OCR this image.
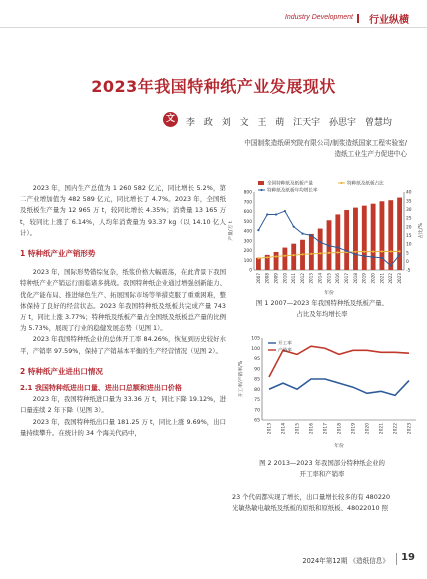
Industry Development 行业纵横
2023年我国特种纸产业发展现状
文	李 政 刘 文 王 萌 江天宇 孙思宇 曾慧均
中国制浆造纸研究院有限公司/制浆造纸国家工程实验室/
造纸工业生产力促进中心

2023 年，国内生产总值为 1 260 582 亿元，同比增长 5.2%，第二产业增加值为 482 589 亿元，同比增长了 4.7%。2023 年，全国纸及纸板生产量为 12 965 万 t，较同比增长 4.35%；消费量 13 165 万 t，较同比上涨了 6.14%，人均年消费量为 93.37 kg（以 14.10 亿人计）。

1 特种纸产业产销形势

2023 年，国际形势错综复杂，纸浆价格大幅震荡，在此背景下我国特种纸产业产销运行面临诸多挑战。我国特种纸企业通过增强创新能力、优化产能布局、推进绿色生产、拓展国际市场等举措克服了重重困难，整体保持了良好的经营状态。2023 年我国特种纸及纸板共完成产量 743 万 t，同比上涨 3.77%；特种纸及纸板产量占全国纸及纸板总产量的比例为 5.73%，展现了行业的稳健发展态势（见图 1）。

2023 年我国特种纸企业的总体开工率 84.26%，恢复到历史较好水平，产销率 97.59%，保持了产销基本平衡的生产经营情况（见图 2）。

2 特种纸产业进出口情况
2.1 我国特种纸进出口量、进出口总额和进出口价格

2023 年，我国特种纸进口量为 33.36 万 t，同比下降 19.12%，进口量连续 2 年下降（见图 3）。

2023 年，我国特种纸出口量 181.25 万 t，同比上涨 9.69%，出口量持续攀升。在统计的 34 个海关代码中，

0
100
200
300
400
500
600
700
800
-5
0
5
10
15
20
25
30
35
40
2007 2008 2009 2010 2011 2012 2013 2014 2015 2016 2017 2018 2019 2020 2021 2022 2023
年份
产量/万 t	占比/%
全国特种纸及纸板产量	特种纸及纸板占比
特种纸及纸板年均增长率
图 1 2007—2023 年我国特种纸及纸板产量、
占比及年均增长率
65
70
75
80
85
90
95
100
105
2013 2014 2015 2016 2017 2018 2019 2020 2021 2022 2023
年份
开工率/产销率/%
开工率
产销率
图 2 2013—2023 年我国部分特种纸企业的
开工率和产销率
23 个代码都实现了增长，出口量增长较多的有 480220
光敏热敏电敏纸及纸板的原纸和原纸板、48022010 照
2024年第12期 《造纸信息》 19
